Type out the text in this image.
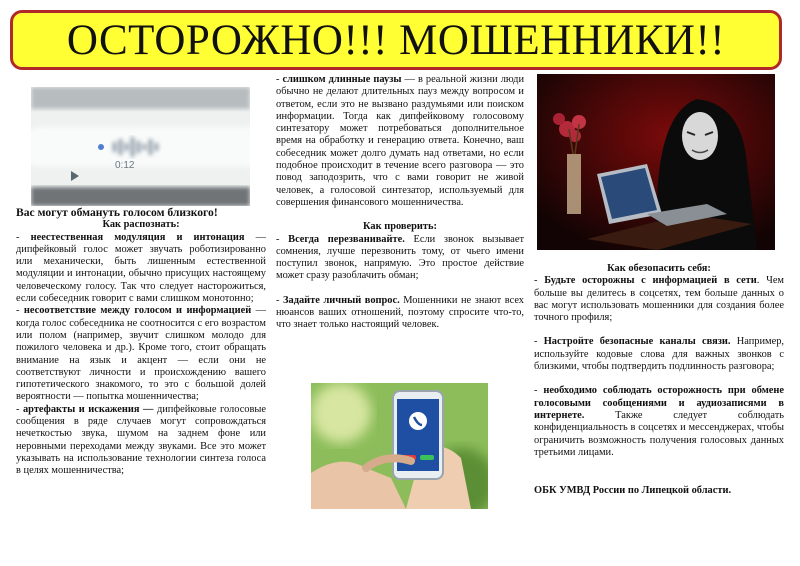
ОСТОРОЖНО!!! МОШЕННИКИ!!
0:12

Вас могут обмануть голосом близкого!

Как распознать:

- неестественная модуляция и интонация — дипфейковый голос может звучать роботизированно или механически, быть лишенным естественной модуляции и интонации, обычно присущих настоящему человеческому голосу. Так что следует насторожиться, если собеседник говорит с вами слишком монотонно;

- несоответствие между голосом и информацией — когда голос собеседника не соотносится с его возрастом или полом (например, звучит слишком молодо для пожилого человека и др.). Кроме того, стоит обращать внимание на язык и акцент — если они не соответствуют личности и происхождению вашего гипотетического знакомого, то это с большой долей вероятности — попытка мошенничества;

- артефакты и искажения — дипфейковые голосовые сообщения в ряде случаев могут сопровождаться нечеткостью звука, шумом на заднем фоне или неровными переходами между звуками. Все это может указывать на использование технологии синтеза голоса в целях мошенничества;

- слишком длинные паузы — в реальной жизни люди обычно не делают длительных пауз между вопросом и ответом, если это не вызвано раздумьями или поиском информации. Тогда как дипфейковому голосовому синтезатору может потребоваться дополнительное время на обработку и генерацию ответа. Конечно, ваш собеседник может долго думать над ответами, но если подобное происходит в течение всего разговора — это повод заподозрить, что с вами говорит не живой человек, а голосовой синтезатор, используемый для совершения финансового мошенничества.

Как проверить:

- Всегда перезванивайте. Если звонок вызывает сомнения, лучше перезвонить тому, от чьего имени поступил звонок, напрямую. Это простое действие может сразу разоблачить обман;

- Задайте личный вопрос. Мошенники не знают всех нюансов ваших отношений, поэтому спросите что-то, что знает только настоящий человек.

Как обезопасить себя:

- Будьте осторожны с информацией в сети. Чем больше вы делитесь в соцсетях, тем больше данных о вас могут использовать мошенники для создания более точного профиля;

- Настройте безопасные каналы связи. Например, используйте кодовые слова для важных звонков с близкими, чтобы подтвердить подлинность разговора;

- необходимо соблюдать осторожность при обмене голосовыми сообщениями и аудиозаписями в интернете. Также следует соблюдать конфиденциальность в соцсетях и мессенджерах, чтобы ограничить возможность получения голосовых данных третьими лицами.

ОБК УМВД России по Липецкой области.
